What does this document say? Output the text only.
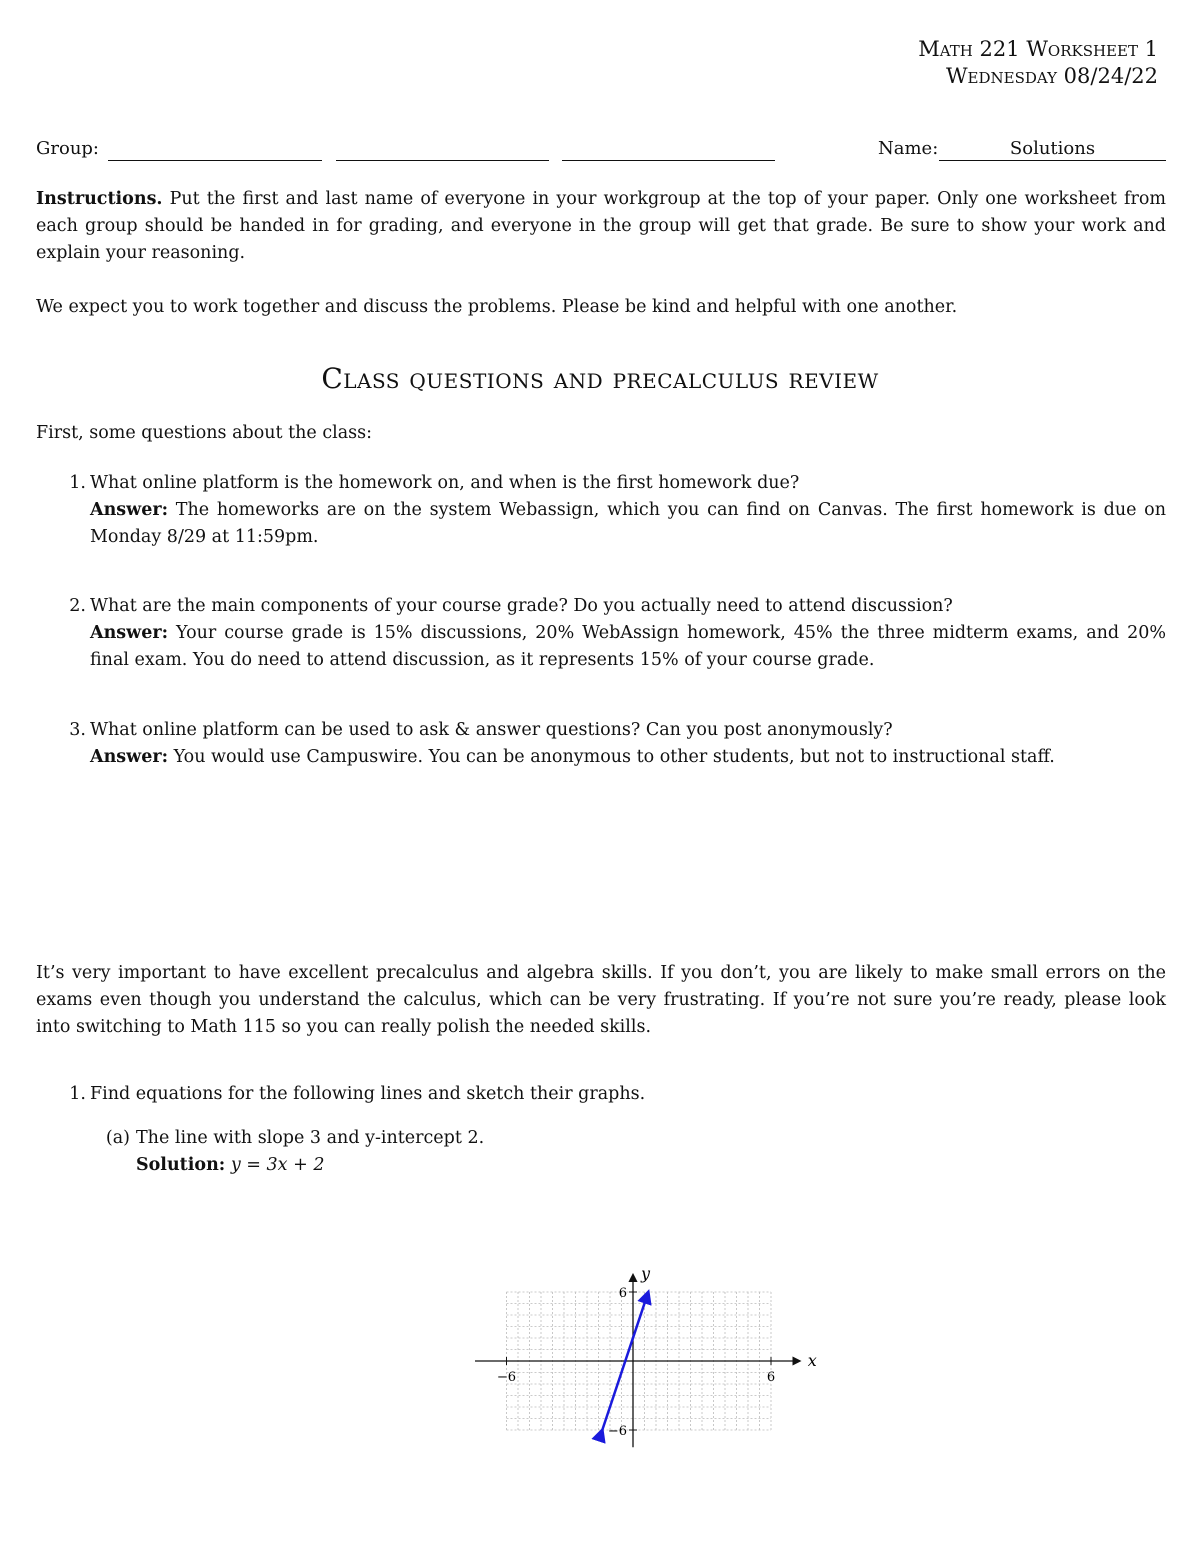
Math 221 Worksheet 1
Wednesday 08/24/22
Group:	Name:	Solutions
Instructions. Put the first and last name of everyone in your workgroup at the top of your paper. Only one worksheet from each group should be handed in for grading, and everyone in the group will get that grade. Be sure to show your work and explain your reasoning.
We expect you to work together and discuss the problems. Please be kind and helpful with one another.
Class questions and precalculus review
First, some questions about the class:
1. What online platform is the homework on, and when is the first homework due?
Answer: The homeworks are on the system Webassign, which you can find on Canvas. The first homework is due on Monday 8/29 at 11:59pm.
2. What are the main components of your course grade? Do you actually need to attend discussion?
Answer: Your course grade is 15% discussions, 20% WebAssign homework, 45% the three midterm exams, and 20% final exam. You do need to attend discussion, as it represents 15% of your course grade.
3. What online platform can be used to ask & answer questions? Can you post anonymously?
Answer: You would use Campuswire. You can be anonymous to other students, but not to instructional staff.
It’s very important to have excellent precalculus and algebra skills. If you don’t, you are likely to make small errors on the exams even though you understand the calculus, which can be very frustrating. If you’re not sure you’re ready, please look into switching to Math 115 so you can really polish the needed skills.
1. Find equations for the following lines and sketch their graphs.
(a) The line with slope 3 and y-intercept 2.
Solution: y = 3x + 2
−6	6
6
−6
x
y
